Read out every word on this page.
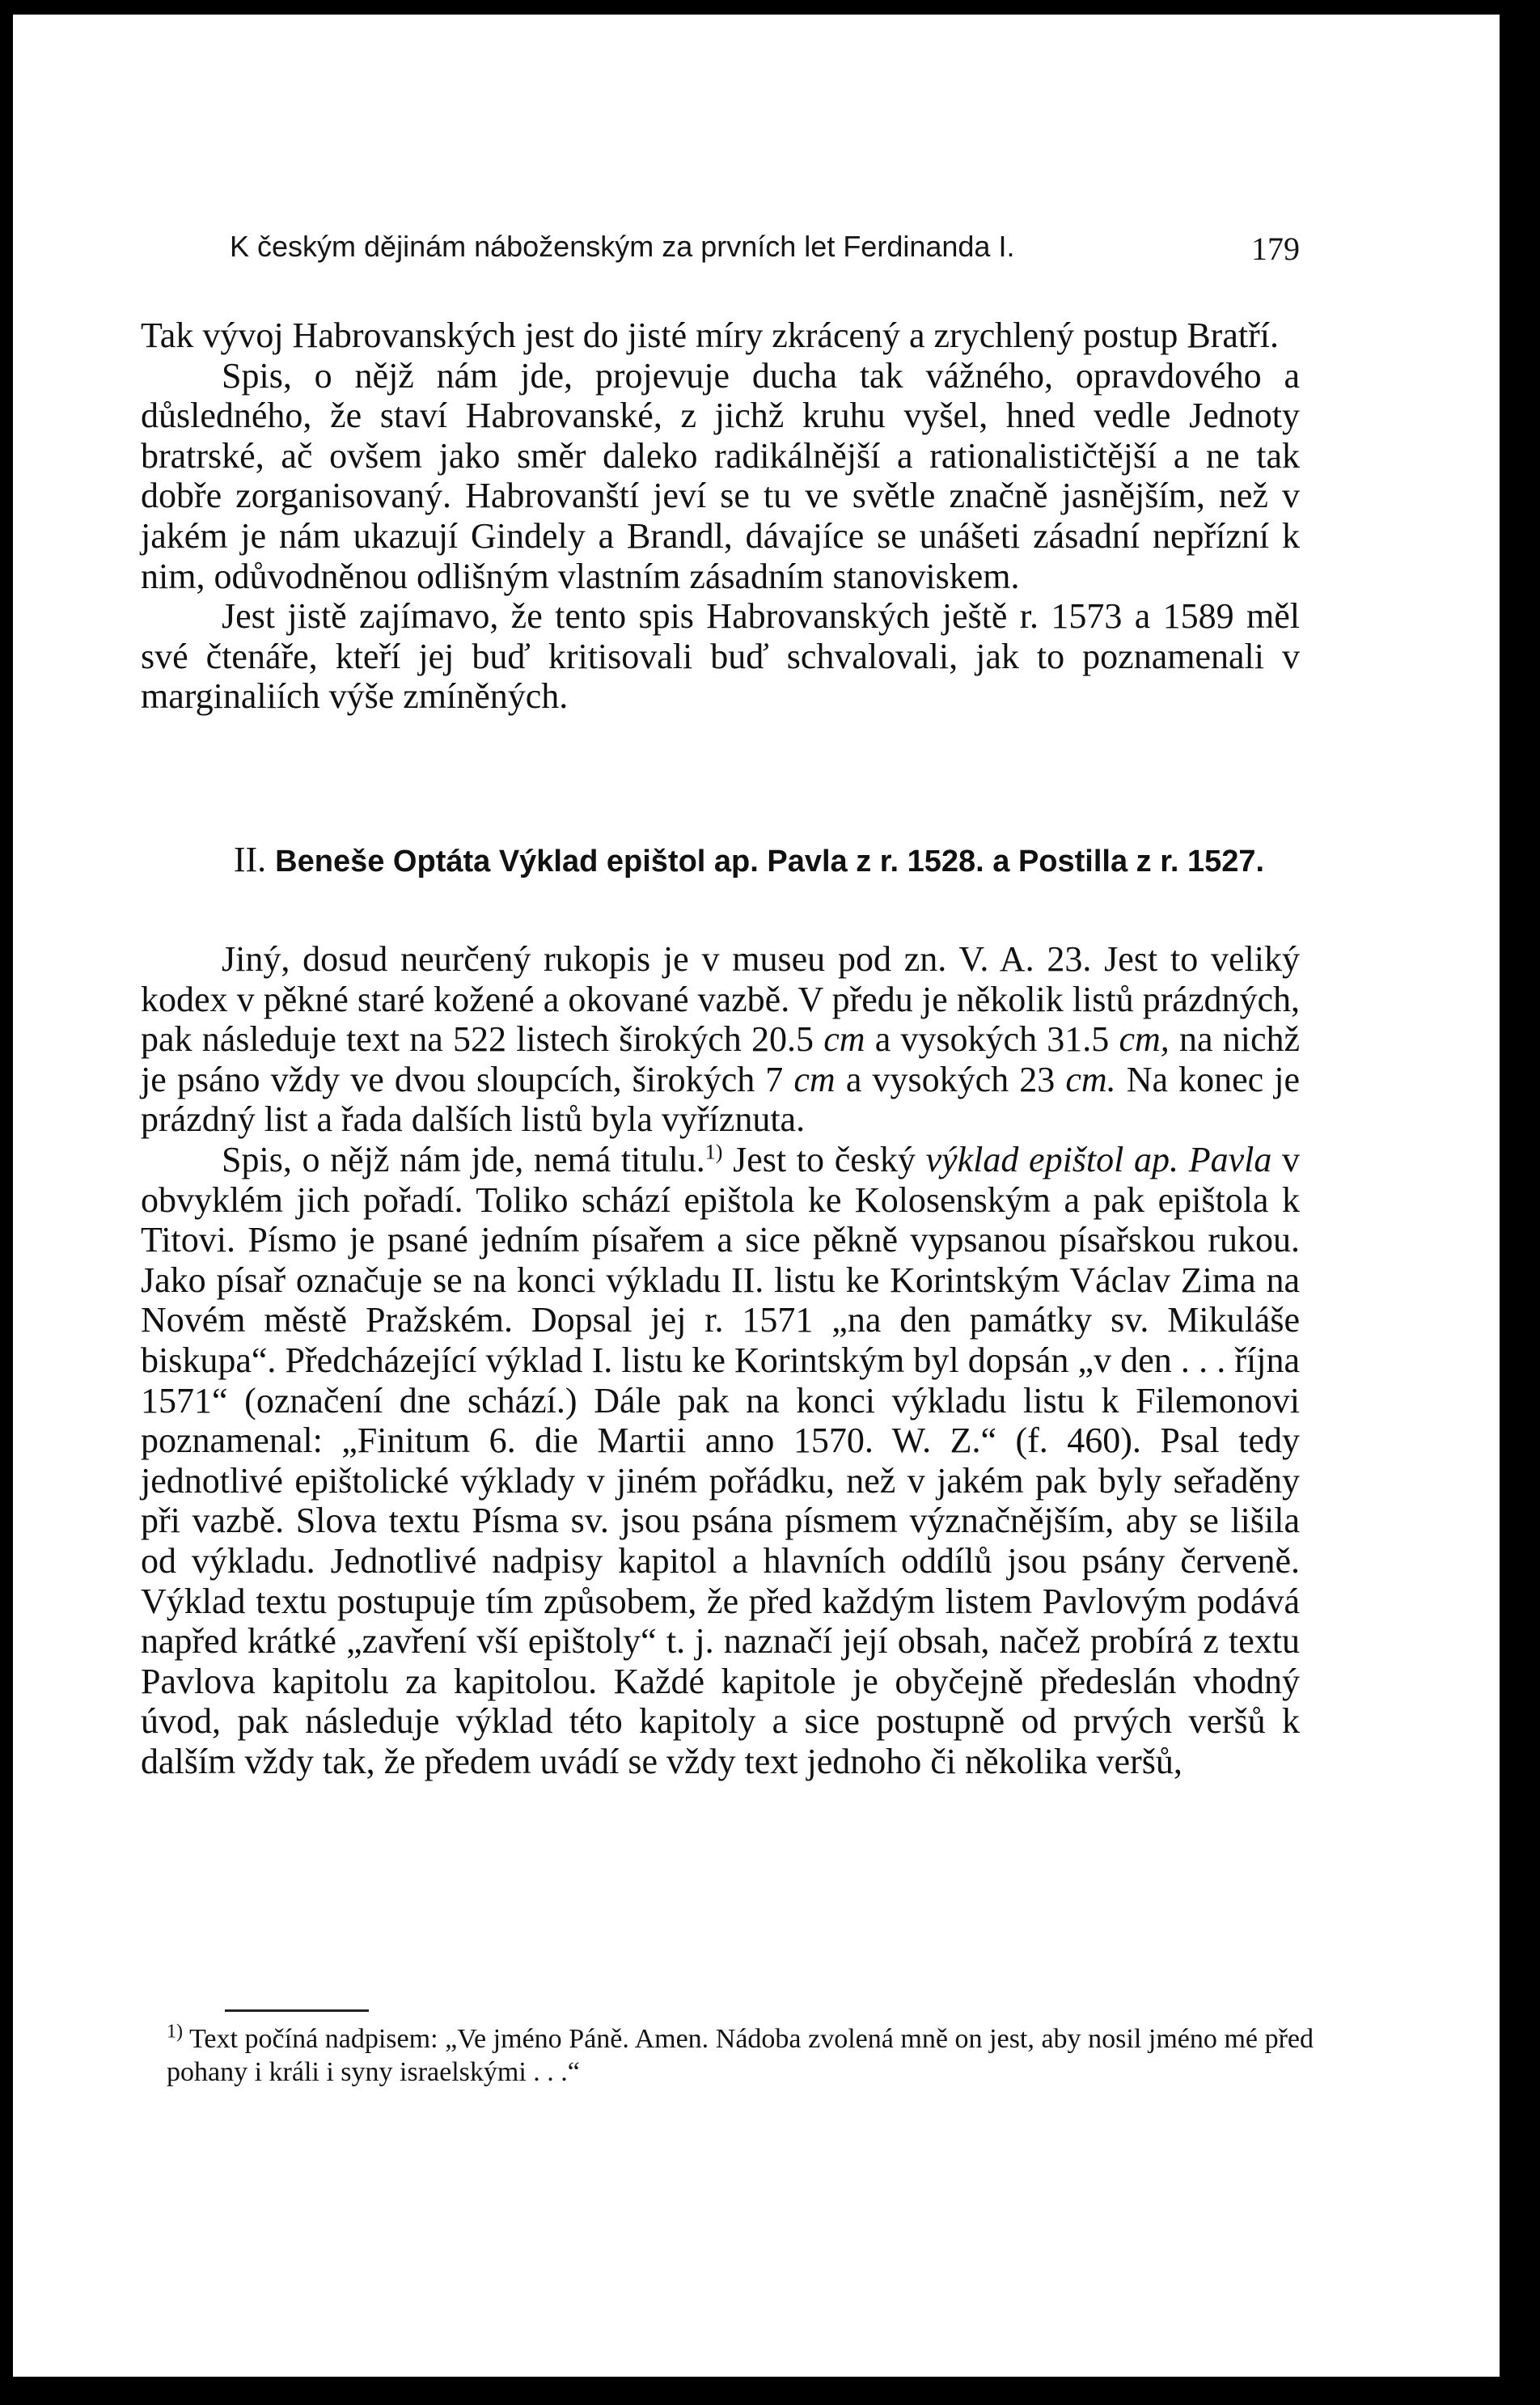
K českým dějinám náboženským za prvních let Ferdinanda I.	179

Tak vývoj Habrovanských jest do jisté míry zkrácený a zrychlený postup Bratří.

Spis, o nějž nám jde, projevuje ducha tak vážného, opravdového a důsledného, že staví Habrovanské, z jichž kruhu vyšel, hned vedle Jednoty bratrské, ač ovšem jako směr daleko radikálnější a rationalističtější a ne tak dobře zorganisovaný. Habrovanští jeví se tu ve světle značně jasnějším, než v jakém je nám ukazují Gindely a Brandl, dávajíce se unášeti zásadní nepřízní k nim, odůvodněnou odlišným vlastním zásadním stanoviskem.

Jest jistě zajímavo, že tento spis Habrovanských ještě r. 1573 a 1589 měl své čtenáře, kteří jej buď kritisovali buď schvalovali, jak to poznamenali v marginaliích výše zmíněných.

II. Beneše Optáta Výklad epištol ap. Pavla z r. 1528. a Postilla z r. 1527.

Jiný, dosud neurčený rukopis je v museu pod zn. V. A. 23. Jest to veliký kodex v pěkné staré kožené a okované vazbě. V předu je několik listů prázdných, pak následuje text na 522 listech širokých 20.5 cm a vysokých 31.5 cm, na nichž je psáno vždy ve dvou sloupcích, širokých 7 cm a vysokých 23 cm. Na konec je prázdný list a řada dalších listů byla vyříznuta.

Spis, o nějž nám jde, nemá titulu.$^{1)}$ Jest to český výklad epištol ap. Pavla v obvyklém jich pořadí. Toliko schází epištola ke Kolosenským a pak epištola k Titovi. Písmo je psané jedním písařem a sice pěkně vypsanou písařskou rukou. Jako písař označuje se na konci výkladu II. listu ke Korintským Václav Zima na Novém městě Pražském. Dopsal jej r. 1571 „na den památky sv. Mikuláše biskupa“. Předcházející výklad I. listu ke Korintským byl dopsán „v den . . . října 1571“ (označení dne schází.) Dále pak na konci výkladu listu k Filemonovi poznamenal: „Finitum 6. die Martii anno 1570. W. Z.“ (f. 460). Psal tedy jednotlivé epištolické výklady v jiném pořádku, než v jakém pak byly seřaděny při vazbě. Slova textu Písma sv. jsou psána písmem význačnějším, aby se lišila od výkladu. Jednotlivé nadpisy kapitol a hlavních oddílů jsou psány červeně. Výklad textu postupuje tím způsobem, že před každým listem Pavlovým podává napřed krátké „zavření vší epištoly“ t. j. naznačí její obsah, načež probírá z textu Pavlova kapitolu za kapitolou. Každé kapitole je obyčejně předeslán vhodný úvod, pak následuje výklad této kapitoly a sice postupně od prvých veršů k dalším vždy tak, že předem uvádí se vždy text jednoho či několika veršů,

$^{1)}$ Text počíná nadpisem: „Ve jméno Páně. Amen. Nádoba zvolená mně on jest, aby nosil jméno mé před pohany i králi i syny israelskými . . .“
